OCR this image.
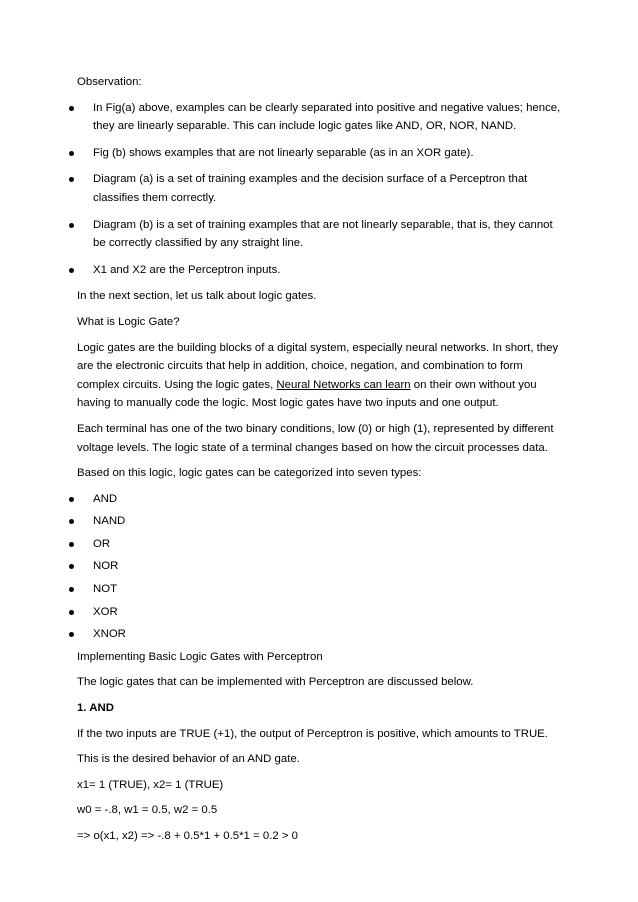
Observation:

In Fig(a) above, examples can be clearly separated into positive and negative values; hence, they are linearly separable. This can include logic gates like AND, OR, NOR, NAND.
Fig (b) shows examples that are not linearly separable (as in an XOR gate).
Diagram (a) is a set of training examples and the decision surface of a Perceptron that classifies them correctly.
Diagram (b) is a set of training examples that are not linearly separable, that is, they cannot be correctly classified by any straight line.
X1 and X2 are the Perceptron inputs.

In the next section, let us talk about logic gates.

What is Logic Gate?

Logic gates are the building blocks of a digital system, especially neural networks. In short, they are the electronic circuits that help in addition, choice, negation, and combination to form complex circuits. Using the logic gates, Neural Networks can learn on their own without you having to manually code the logic. Most logic gates have two inputs and one output.

Each terminal has one of the two binary conditions, low (0) or high (1), represented by different voltage levels. The logic state of a terminal changes based on how the circuit processes data.

Based on this logic, logic gates can be categorized into seven types:

AND
NAND
OR
NOR
NOT
XOR
XNOR

Implementing Basic Logic Gates with Perceptron

The logic gates that can be implemented with Perceptron are discussed below.

1. AND

If the two inputs are TRUE (+1), the output of Perceptron is positive, which amounts to TRUE.

This is the desired behavior of an AND gate.

x1= 1 (TRUE), x2= 1 (TRUE)

w0 = -.8, w1 = 0.5, w2 = 0.5

=> o(x1, x2) => -.8 + 0.5*1 + 0.5*1 = 0.2 > 0
